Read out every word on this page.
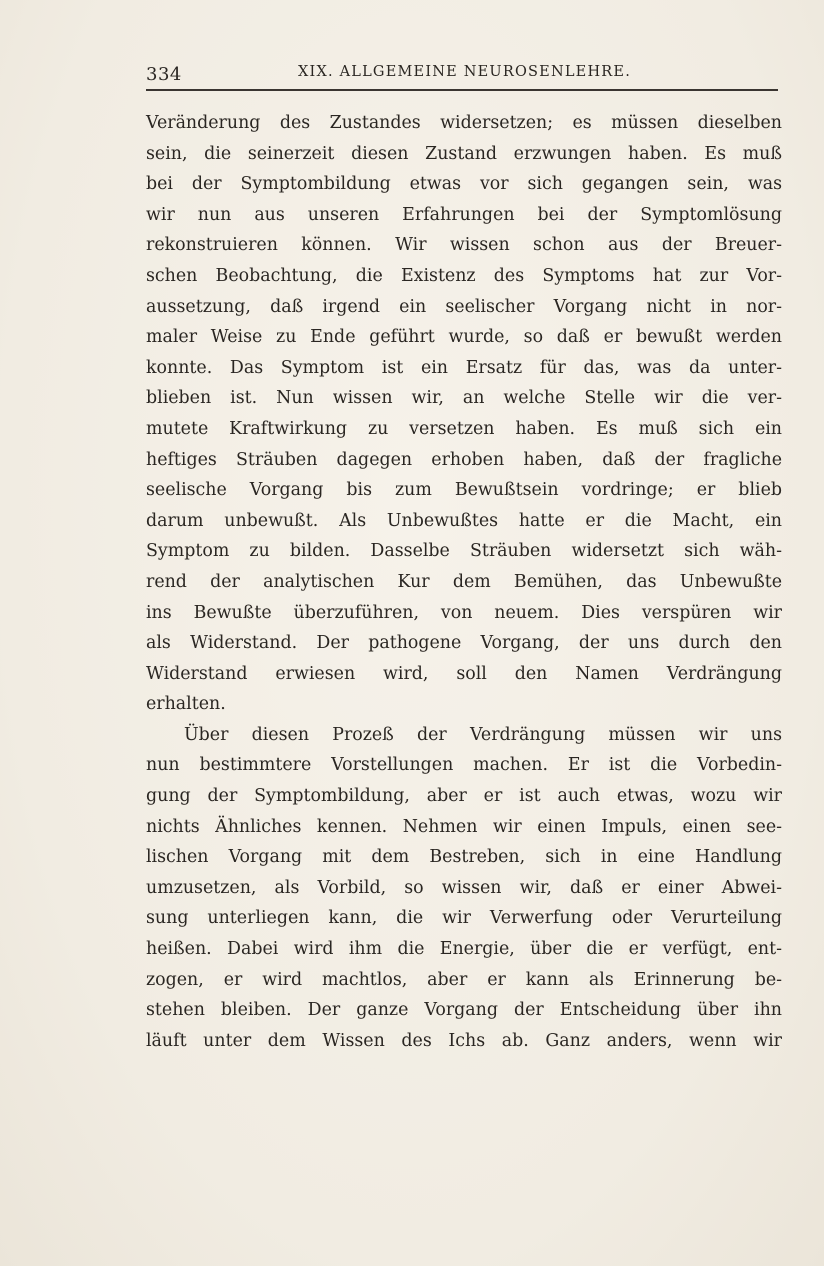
334	XIX. ALLGEMEINE NEUROSENLEHRE.
Veränderung des Zustandes widersetzen; es müssen dieselben
sein, die seinerzeit diesen Zustand erzwungen haben. Es muß
bei der Symptombildung etwas vor sich gegangen sein, was
wir nun aus unseren Erfahrungen bei der Symptomlösung
rekonstruieren können. Wir wissen schon aus der Breuer-
schen Beobachtung, die Existenz des Symptoms hat zur Vor-
aussetzung, daß irgend ein seelischer Vorgang nicht in nor-
maler Weise zu Ende geführt wurde, so daß er bewußt werden
konnte. Das Symptom ist ein Ersatz für das, was da unter-
blieben ist. Nun wissen wir, an welche Stelle wir die ver-
mutete Kraftwirkung zu versetzen haben. Es muß sich ein
heftiges Sträuben dagegen erhoben haben, daß der fragliche
seelische Vorgang bis zum Bewußtsein vordringe; er blieb
darum unbewußt. Als Unbewußtes hatte er die Macht, ein
Symptom zu bilden. Dasselbe Sträuben widersetzt sich wäh-
rend der analytischen Kur dem Bemühen, das Unbewußte
ins Bewußte überzuführen, von neuem. Dies verspüren wir
als Widerstand. Der pathogene Vorgang, der uns durch den
Widerstand erwiesen wird, soll den Namen Verdrängung
erhalten.
Über diesen Prozeß der Verdrängung müssen wir uns
nun bestimmtere Vorstellungen machen. Er ist die Vorbedin-
gung der Symptombildung, aber er ist auch etwas, wozu wir
nichts Ähnliches kennen. Nehmen wir einen Impuls, einen see-
lischen Vorgang mit dem Bestreben, sich in eine Handlung
umzusetzen, als Vorbild, so wissen wir, daß er einer Abwei-
sung unterliegen kann, die wir Verwerfung oder Verurteilung
heißen. Dabei wird ihm die Energie, über die er verfügt, ent-
zogen, er wird machtlos, aber er kann als Erinnerung be-
stehen bleiben. Der ganze Vorgang der Entscheidung über ihn
läuft unter dem Wissen des Ichs ab. Ganz anders, wenn wir
